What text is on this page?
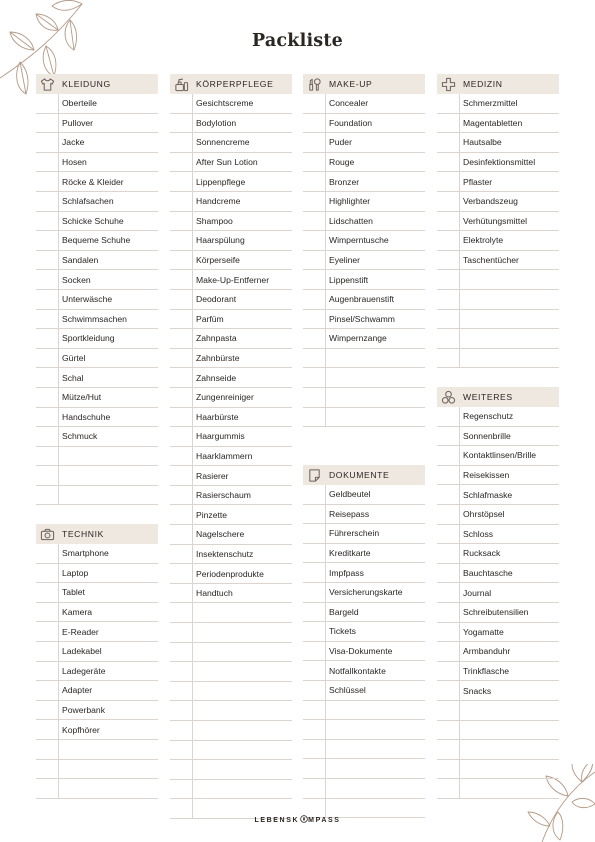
Packliste
KLEIDUNG
Oberteile
Pullover
Jacke
Hosen
Röcke & Kleider
Schlafsachen
Schicke Schuhe
Bequeme Schuhe
Sandalen
Socken
Unterwäsche
Schwimmsachen
Sportkleidung
Gürtel
Schal
Mütze/Hut
Handschuhe
Schmuck
TECHNIK
Smartphone
Laptop
Tablet
Kamera
E-Reader
Ladekabel
Ladegeräte
Adapter
Powerbank
Kopfhörer
KÖRPERPFLEGE
Gesichtscreme
Bodylotion
Sonnencreme
After Sun Lotion
Lippenpflege
Handcreme
Shampoo
Haarspülung
Körperseife
Make-Up-Entferner
Deodorant
Parfüm
Zahnpasta
Zahnbürste
Zahnseide
Zungenreiniger
Haarbürste
Haargummis
Haarklammern
Rasierer
Rasierschaum
Pinzette
Nagelschere
Insektenschutz
Periodenprodukte
Handtuch
MAKE-UP
Concealer
Foundation
Puder
Rouge
Bronzer
Highlighter
Lidschatten
Wimperntusche
Eyeliner
Lippenstift
Augenbrauenstift
Pinsel/Schwamm
Wimpernzange
DOKUMENTE
Geldbeutel
Reisepass
Führerschein
Kreditkarte
Impfpass
Versicherungskarte
Bargeld
Tickets
Visa-Dokumente
Notfallkontakte
Schlüssel
MEDIZIN
Schmerzmittel
Magentabletten
Hautsalbe
Desinfektionsmittel
Pflaster
Verbandszeug
Verhütungsmittel
Elektrolyte
Taschentücher
WEITERES
Regenschutz
Sonnenbrille
Kontaktlinsen/Brille
Reisekissen
Schlafmaske
Ohrstöpsel
Schloss
Rucksack
Bauchtasche
Journal
Schreibutensilien
Yogamatte
Armbanduhr
Trinkflasche
Snacks
LEBENSK MPASS
